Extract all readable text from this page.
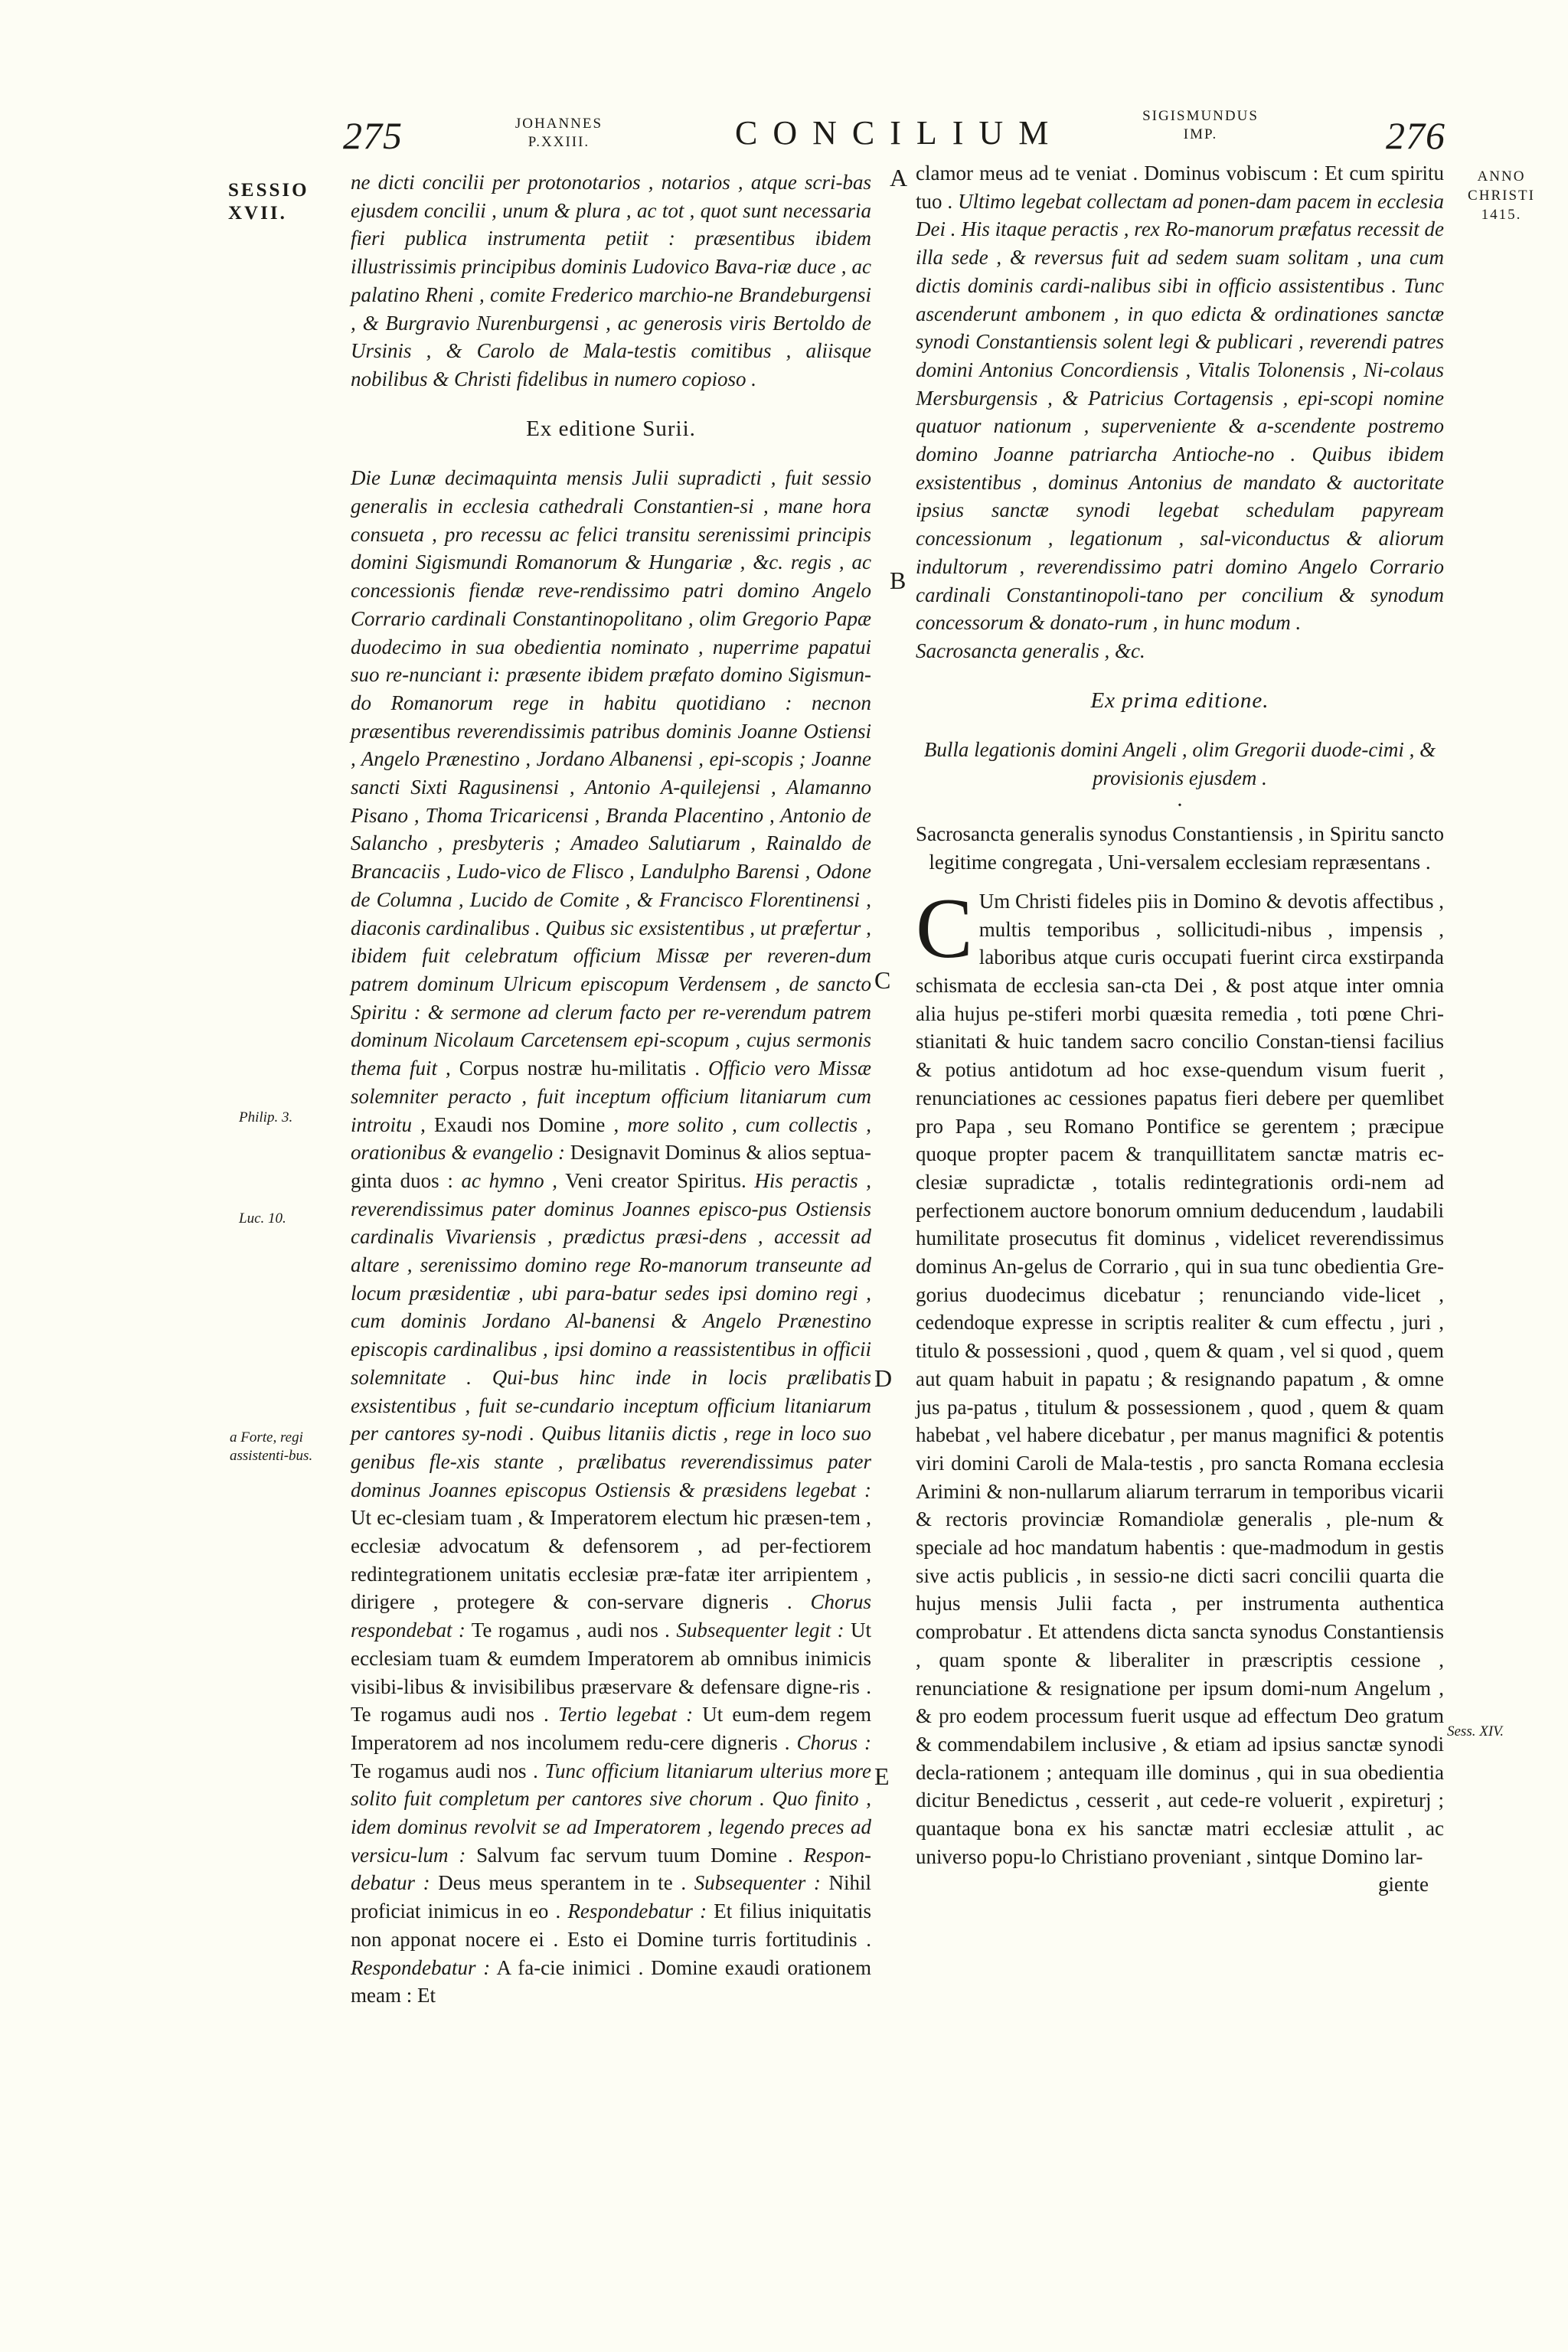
275	JOHANNES P.XXIII.	CONCILIUM	SIGISMUNDUS IMP.	276
SESSIO XVII.
Philip. 3.
Luc. 10.
a Forte, regi assistenti-bus.
ANNO CHRISTI
1415.
Sess. XIV.
A
B
C
D
E
ne dicti concilii per protonotarios , notarios , atque scri-bas ejusdem concilii , unum & plura , ac tot , quot sunt necessaria fieri publica instrumenta petiit : præsentibus ibidem illustrissimis principibus dominis Ludovico Bava-riæ duce , ac palatino Rheni , comite Frederico marchio-ne Brandeburgensi , & Burgravio Nurenburgensi , ac generosis viris Bertoldo de Ursinis , & Carolo de Mala-testis comitibus , aliisque nobilibus & Christi fidelibus in numero copioso .
Ex editione Surii.
Die Lunæ decimaquinta mensis Julii supradicti , fuit sessio generalis in ecclesia cathedrali Constantien-si , mane hora consueta , pro recessu ac felici transitu serenissimi principis domini Sigismundi Romanorum & Hungariæ , &c. regis , ac concessionis fiendæ reve-rendissimo patri domino Angelo Corrario cardinali Constantinopolitano , olim Gregorio Papæ duodecimo in sua obedientia nominato , nuperrime papatui suo re-nunciant i: præsente ibidem præfato domino Sigismun-do Romanorum rege in habitu quotidiano : necnon præsentibus reverendissimis patribus dominis Joanne Ostiensi , Angelo Prænestino , Jordano Albanensi , epi-scopis ; Joanne sancti Sixti Ragusinensi , Antonio A-quilejensi , Alamanno Pisano , Thoma Tricaricensi , Branda Placentino , Antonio de Salancho , presbyteris ; Amadeo Salutiarum , Rainaldo de Brancaciis , Ludo-vico de Flisco , Landulpho Barensi , Odone de Columna , Lucido de Comite , & Francisco Florentinensi , diaconis cardinalibus . Quibus sic exsistentibus , ut præfertur , ibidem fuit celebratum officium Missæ per reveren-dum patrem dominum Ulricum episcopum Verdensem , de sancto Spiritu : & sermone ad clerum facto per re-verendum patrem dominum Nicolaum Carcetensem epi-scopum , cujus sermonis thema fuit , Corpus nostræ hu-militatis . Officio vero Missæ solemniter peracto , fuit inceptum officium litaniarum cum introitu , Exaudi nos Domine , more solito , cum collectis , orationibus & evangelio : Designavit Dominus & alios septua-ginta duos : ac hymno , Veni creator Spiritus. His peractis , reverendissimus pater dominus Joannes episco-pus Ostiensis cardinalis Vivariensis , prædictus præsi-dens , accessit ad altare , serenissimo domino rege Ro-manorum transeunte ad locum præsidentiæ , ubi para-batur sedes ipsi domino regi , cum dominis Jordano Al-banensi & Angelo Prænestino episcopis cardinalibus , ipsi domino a reassistentibus in officii solemnitate . Qui-bus hinc inde in locis prælibatis exsistentibus , fuit se-cundario inceptum officium litaniarum per cantores sy-nodi . Quibus litaniis dictis , rege in loco suo genibus fle-xis stante , prælibatus reverendissimus pater dominus Joannes episcopus Ostiensis & præsidens legebat : Ut ec-clesiam tuam , & Imperatorem electum hic præsen-tem , ecclesiæ advocatum & defensorem , ad per-fectiorem redintegrationem unitatis ecclesiæ præ-fatæ iter arripientem , dirigere , protegere & con-servare digneris . Chorus respondebat : Te rogamus , audi nos . Subsequenter legit : Ut ecclesiam tuam & eumdem Imperatorem ab omnibus inimicis visibi-libus & invisibilibus præservare & defensare digne-ris . Te rogamus audi nos . Tertio legebat : Ut eum-dem regem Imperatorem ad nos incolumem redu-cere digneris . Chorus : Te rogamus audi nos . Tunc officium litaniarum ulterius more solito fuit completum per cantores sive chorum . Quo finito , idem dominus revolvit se ad Imperatorem , legendo preces ad versicu-lum : Salvum fac servum tuum Domine . Respon-debatur : Deus meus sperantem in te . Subsequenter : Nihil proficiat inimicus in eo . Respondebatur : Et filius iniquitatis non apponat nocere ei . Esto ei Domine turris fortitudinis . Respondebatur : A fa-cie inimici . Domine exaudi orationem meam : Et
clamor meus ad te veniat . Dominus vobiscum : Et cum spiritu tuo . Ultimo legebat collectam ad ponen-dam pacem in ecclesia Dei . His itaque peractis , rex Ro-manorum præfatus recessit de illa sede , & reversus fuit ad sedem suam solitam , una cum dictis dominis cardi-nalibus sibi in officio assistentibus . Tunc ascenderunt ambonem , in quo edicta & ordinationes sanctæ synodi Constantiensis solent legi & publicari , reverendi patres domini Antonius Concordiensis , Vitalis Tolonensis , Ni-colaus Mersburgensis , & Patricius Cortagensis , epi-scopi nomine quatuor nationum , superveniente & a-scendente postremo domino Joanne patriarcha Antioche-no . Quibus ibidem exsistentibus , dominus Antonius de mandato & auctoritate ipsius sanctæ synodi legebat schedulam papyream concessionum , legationum , sal-viconductus & aliorum indultorum , reverendissimo patri domino Angelo Corrario cardinali Constantinopoli-tano per concilium & synodum concessorum & donato-rum , in hunc modum .
Sacrosancta generalis , &c.
Ex prima editione.
Bulla legationis domini Angeli , olim Gregorii duode-cimi , & provisionis ejusdem .
•
Sacrosancta generalis synodus Constantiensis , in Spiritu sancto legitime congregata , Uni-versalem ecclesiam repræsentans .
C Um Christi fideles piis in Domino & devotis affectibus , multis temporibus , sollicitudi-nibus , impensis , laboribus atque curis occupati fuerint circa exstirpanda schismata de ecclesia san-cta Dei , & post atque inter omnia alia hujus pe-stiferi morbi quæsita remedia , toti pœne Chri-stianitati & huic tandem sacro concilio Constan-tiensi facilius & potius antidotum ad hoc exse-quendum visum fuerit , renunciationes ac cessiones papatus fieri debere per quemlibet pro Papa , seu Romano Pontifice se gerentem ; præcipue quoque propter pacem & tranquillitatem sanctæ matris ec-clesiæ supradictæ , totalis redintegrationis ordi-nem ad perfectionem auctore bonorum omnium deducendum , laudabili humilitate prosecutus fit dominus , videlicet reverendissimus dominus An-gelus de Corrario , qui in sua tunc obedientia Gre-gorius duodecimus dicebatur ; renunciando vide-licet , cedendoque expresse in scriptis realiter & cum effectu , juri , titulo & possessioni , quod , quem & quam , vel si quod , quem aut quam habuit in papatu ; & resignando papatum , & omne jus pa-patus , titulum & possessionem , quod , quem & quam habebat , vel habere dicebatur , per manus magnifici & potentis viri domini Caroli de Mala-testis , pro sancta Romana ecclesia Arimini & non-nullarum aliarum terrarum in temporibus vicarii & rectoris provinciæ Romandiolæ generalis , ple-num & speciale ad hoc mandatum habentis : que-madmodum in gestis sive actis publicis , in sessio-ne dicti sacri concilii quarta die hujus mensis Julii facta , per instrumenta authentica comprobatur . Et attendens dicta sancta synodus Constantiensis , quam sponte & liberaliter in præscriptis cessione , renunciatione & resignatione per ipsum domi-num Angelum , & pro eodem processum fuerit usque ad effectum Deo gratum & commendabilem inclusive , & etiam ad ipsius sanctæ synodi decla-rationem ; antequam ille dominus , qui in sua obedientia dicitur Benedictus , cesserit , aut cede-re voluerit , expireturj ; quantaque bona ex his sanctæ matri ecclesiæ attulit , ac universo popu-lo Christiano proveniant , sintque Domino lar-
giente
